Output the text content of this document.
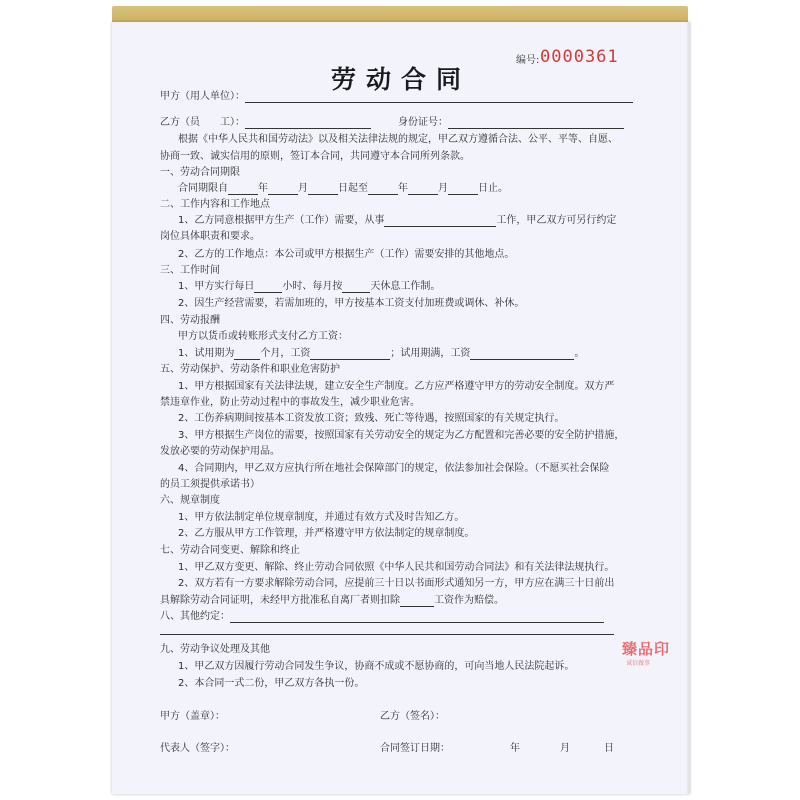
劳动合同
编号: 0000361
甲方（用人单位）：
乙方（员　　工）：	身份证号：
根据《中华人民共和国劳动法》以及相关法律法规的规定，甲乙双方遵循合法、公平、平等、自愿、
协商一致、诚实信用的原则，签订本合同，共同遵守本合同所列条款。
一、劳动合同期限
合同期限自	年	月	日起至	年	月	日止。
二、工作内容和工作地点
1、乙方同意根据甲方生产（工作）需要，从事	工作，甲乙双方可另行约定
岗位具体职责和要求。
2、乙方的工作地点：本公司或甲方根据生产（工作）需要安排的其他地点。
三、工作时间
1、甲方实行每日	小时、每月按	天休息工作制。
2、因生产经营需要，若需加班的，甲方按基本工资支付加班费或调休、补休。
四、劳动报酬
甲方以货币或转账形式支付乙方工资：
1、试用期为	个月，工资	；试用期满，工资	。
五、劳动保护、劳动条件和职业危害防护
1、甲方根据国家有关法律法规，建立安全生产制度。乙方应严格遵守甲方的劳动安全制度。双方严
禁违章作业，防止劳动过程中的事故发生，减少职业危害。
2、工伤养病期间按基本工资发放工资；致残、死亡等待遇，按照国家的有关规定执行。
3、甲方根据生产岗位的需要，按照国家有关劳动安全的规定为乙方配置和完善必要的安全防护措施，
发放必要的劳动保护用品。
4、合同期内，甲乙双方应执行所在地社会保障部门的规定，依法参加社会保险。（不愿买社会保险
的员工须提供承诺书）
六、规章制度
1、甲方依法制定单位规章制度，并通过有效方式及时告知乙方。
2、乙方服从甲方工作管理，并严格遵守甲方依法制定的规章制度。
七、劳动合同变更、解除和终止
1、甲乙双方变更、解除、终止劳动合同依照《中华人民共和国劳动合同法》和有关法律法规执行。
2、双方若有一方要求解除劳动合同，应提前三十日以书面形式通知另一方，甲方应在满三十日前出
具解除劳动合同证明，未经甲方批准私自离厂者则扣除	工资作为赔偿。
八、其他约定：
九、劳动争议处理及其他
1、甲乙双方因履行劳动合同发生争议，协商不成或不愿协商的，可向当地人民法院起诉。
2、本合同一式二份，甲乙双方各执一份。
甲方（盖章）：	乙方（签名）：
代表人（签字）：	合同签订日期：	年	月	日
臻品印
诚信做事
